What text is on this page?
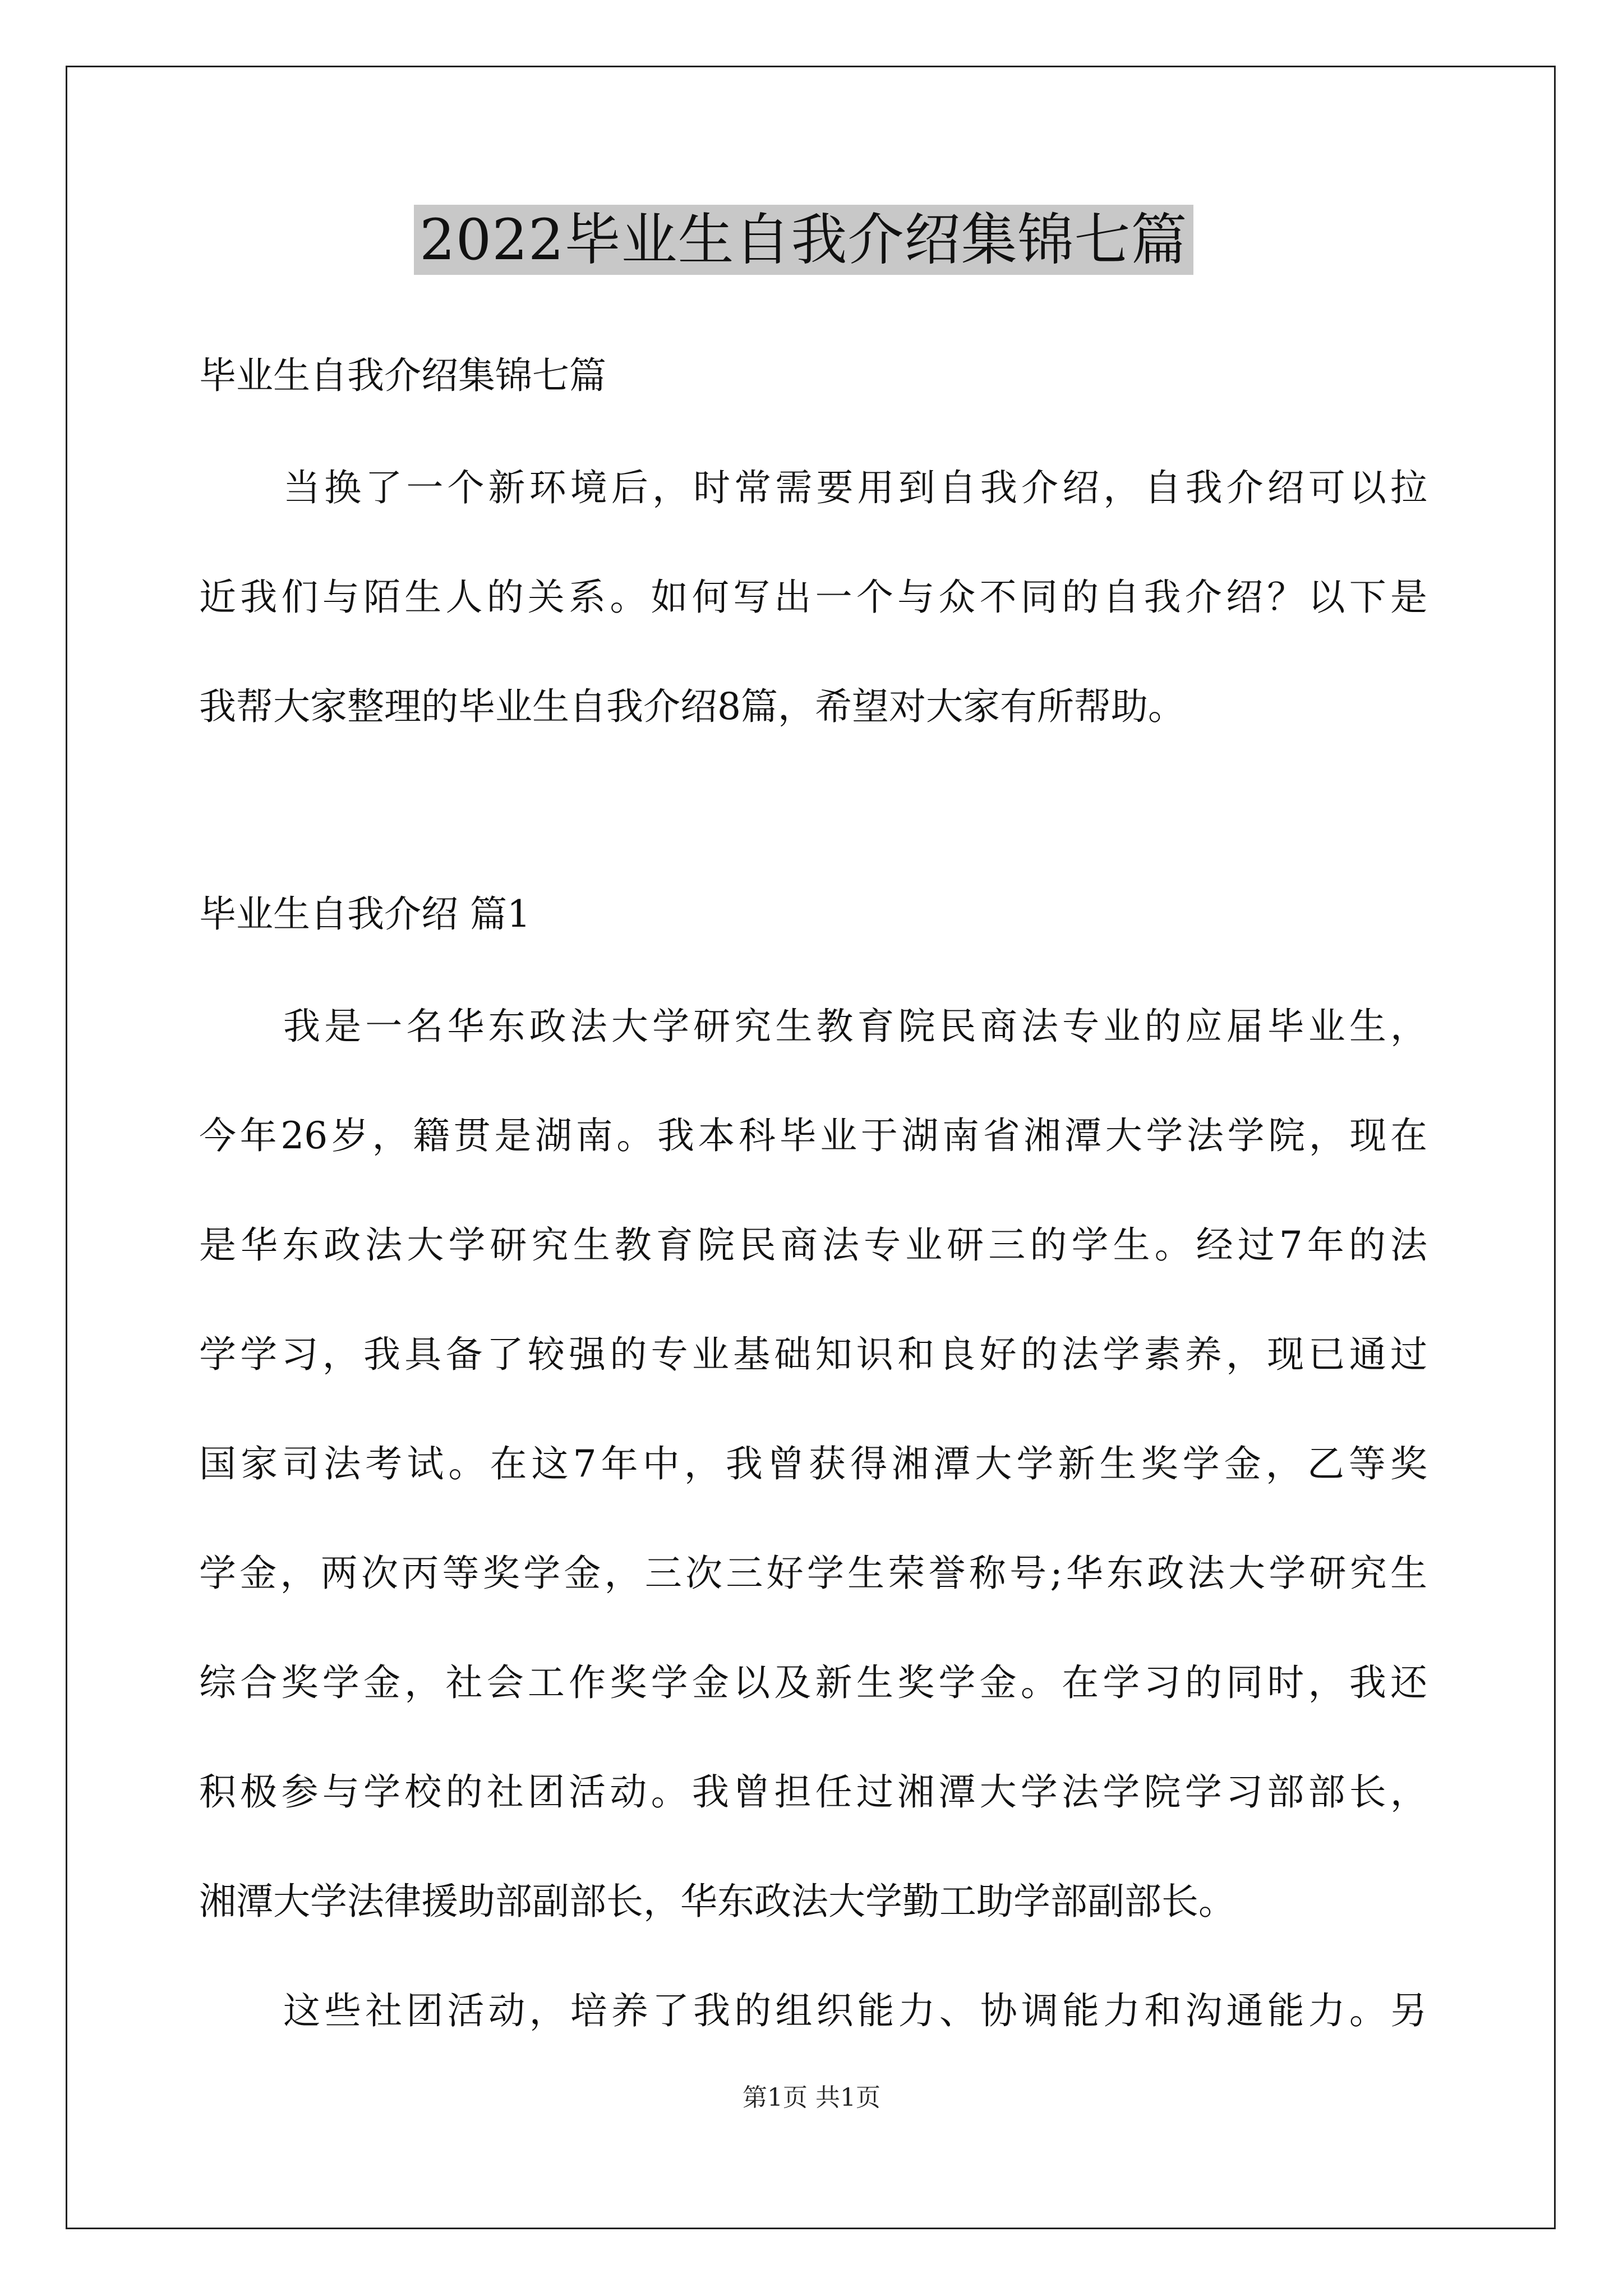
2022毕业生自我介绍集锦七篇
毕业生自我介绍集锦七篇
当换了一个新环境后，时常需要用到自我介绍，自我介绍可以拉
近我们与陌生人的关系。如何写出一个与众不同的自我介绍？以下是
我帮大家整理的毕业生自我介绍8篇，希望对大家有所帮助。
毕业生自我介绍 篇1
我是一名华东政法大学研究生教育院民商法专业的应届毕业生，
今年26岁，籍贯是湖南。我本科毕业于湖南省湘潭大学法学院，现在
是华东政法大学研究生教育院民商法专业研三的学生。经过7年的法
学学习，我具备了较强的专业基础知识和良好的法学素养，现已通过
国家司法考试。在这7年中，我曾获得湘潭大学新生奖学金，乙等奖
学金，两次丙等奖学金，三次三好学生荣誉称号;华东政法大学研究生
综合奖学金，社会工作奖学金以及新生奖学金。在学习的同时，我还
积极参与学校的社团活动。我曾担任过湘潭大学法学院学习部部长，
湘潭大学法律援助部副部长，华东政法大学勤工助学部副部长。
这些社团活动，培养了我的组织能力、协调能力和沟通能力。另
第1页 共1页
